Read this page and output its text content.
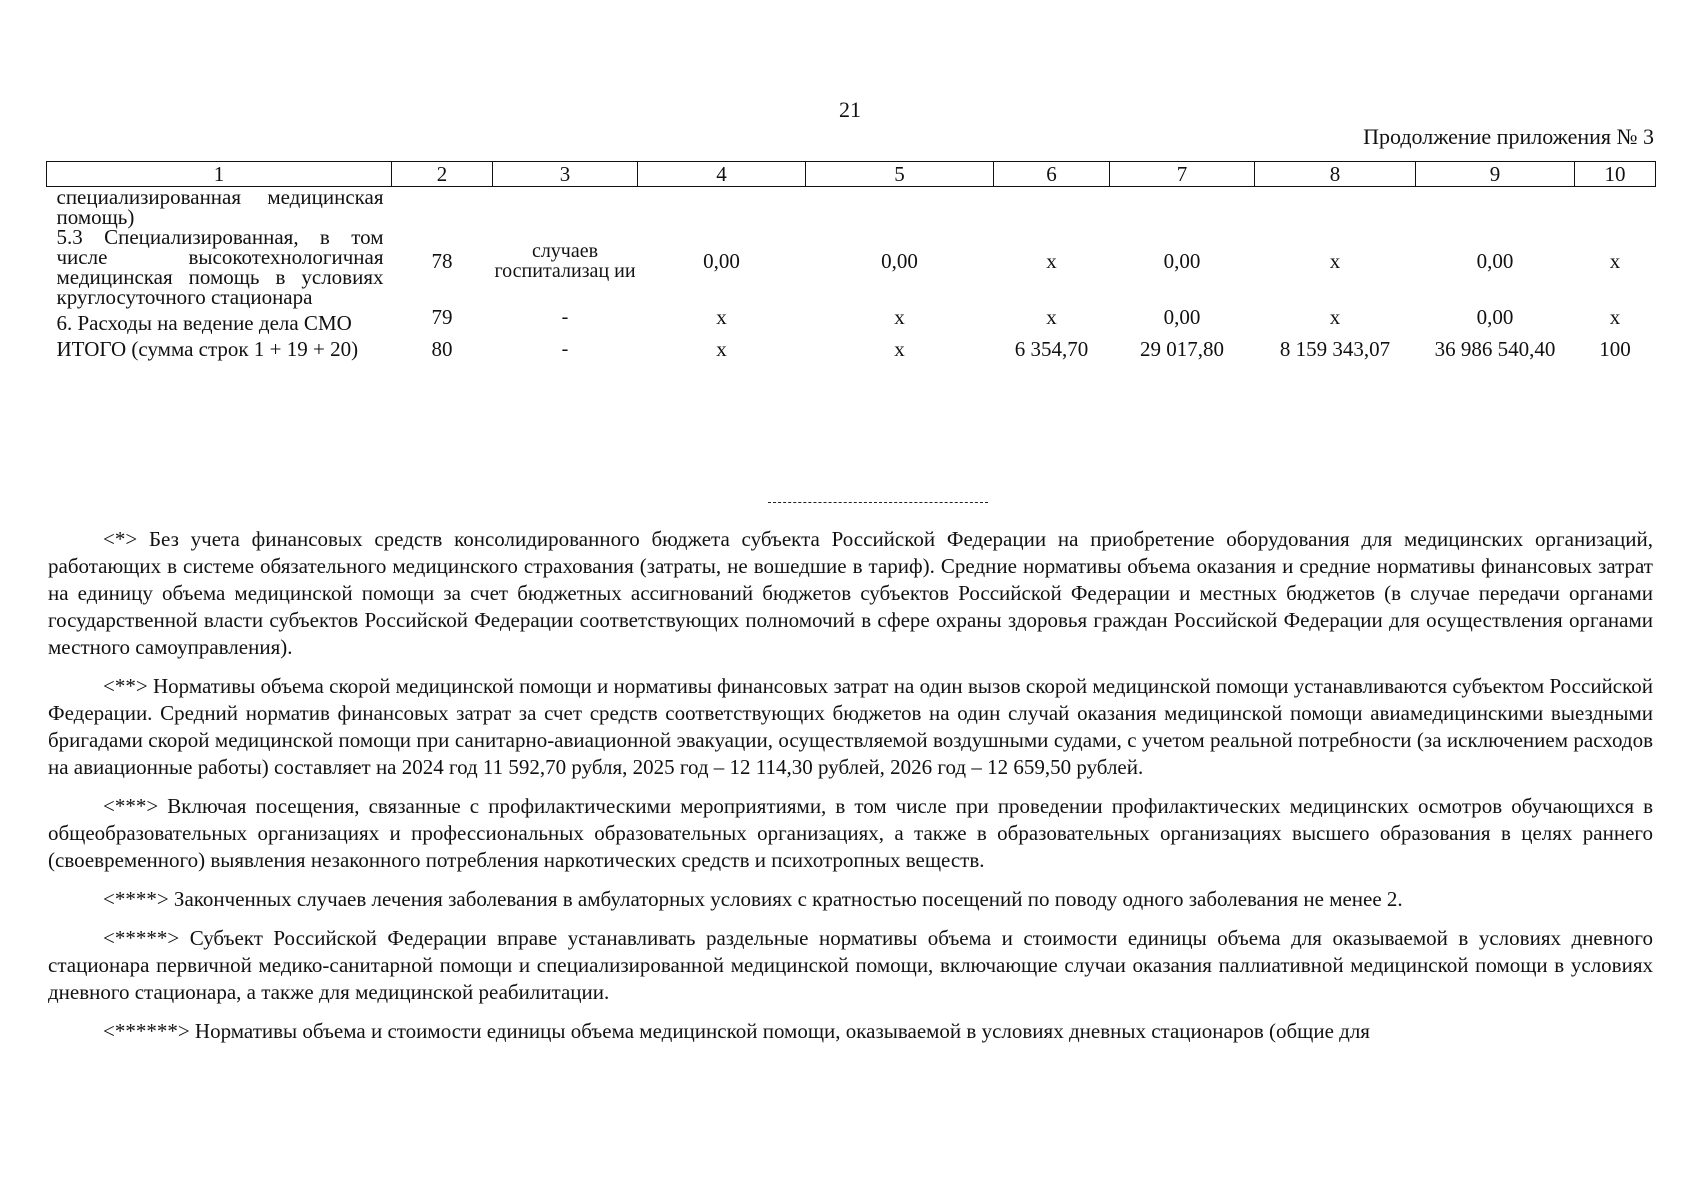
21
Продолжение приложения № 3
1	2	3	4	5	6	7	8	9	10
специализированная медицинская помощь)									
5.3 Специализированная, в том числе высокотехнологичная медицинская помощь в условиях круглосуточного стационара	78	случаев госпитализац ии	0,00	0,00	x	0,00	x	0,00	x
6. Расходы на ведение дела СМО	79	-	x	x	x	0,00	x	0,00	x
ИТОГО (сумма строк 1 + 19 + 20)	80	-	x	x	6 354,70	29 017,80	8 159 343,07	36 986 540,40	100

<*> Без учета финансовых средств консолидированного бюджета субъекта Российской Федерации на приобретение оборудования для медицинских организаций, работающих в системе обязательного медицинского страхования (затраты, не вошедшие в тариф). Средние нормативы объема оказания и средние нормативы финансовых затрат на единицу объема медицинской помощи за счет бюджетных ассигнований бюджетов субъектов Российской Федерации и местных бюджетов (в случае передачи органами государственной власти субъектов Российской Федерации соответствующих полномочий в сфере охраны здоровья граждан Российской Федерации для осуществления органами местного самоуправления).

<**> Нормативы объема скорой медицинской помощи и нормативы финансовых затрат на один вызов скорой медицинской помощи устанавливаются субъектом Российской Федерации. Средний норматив финансовых затрат за счет средств соответствующих бюджетов на один случай оказания медицинской помощи авиамедицинскими выездными бригадами скорой медицинской помощи при санитарно-авиационной эвакуации, осуществляемой воздушными судами, с учетом реальной потребности (за исключением расходов на авиационные работы) составляет на 2024 год 11 592,70 рубля, 2025 год – 12 114,30 рублей, 2026 год – 12 659,50 рублей.

<***> Включая посещения, связанные с профилактическими мероприятиями, в том числе при проведении профилактических медицинских осмотров обучающихся в общеобразовательных организациях и профессиональных образовательных организациях, а также в образовательных организациях высшего образования в целях раннего (своевременного) выявления незаконного потребления наркотических средств и психотропных веществ.

<****> Законченных случаев лечения заболевания в амбулаторных условиях с кратностью посещений по поводу одного заболевания не менее 2.

<*****> Субъект Российской Федерации вправе устанавливать раздельные нормативы объема и стоимости единицы объема для оказываемой в условиях дневного стационара первичной медико-санитарной помощи и специализированной медицинской помощи, включающие случаи оказания паллиативной медицинской помощи в условиях дневного стационара, а также для медицинской реабилитации.

<******> Нормативы объема и стоимости единицы объема медицинской помощи, оказываемой в условиях дневных стационаров (общие для
